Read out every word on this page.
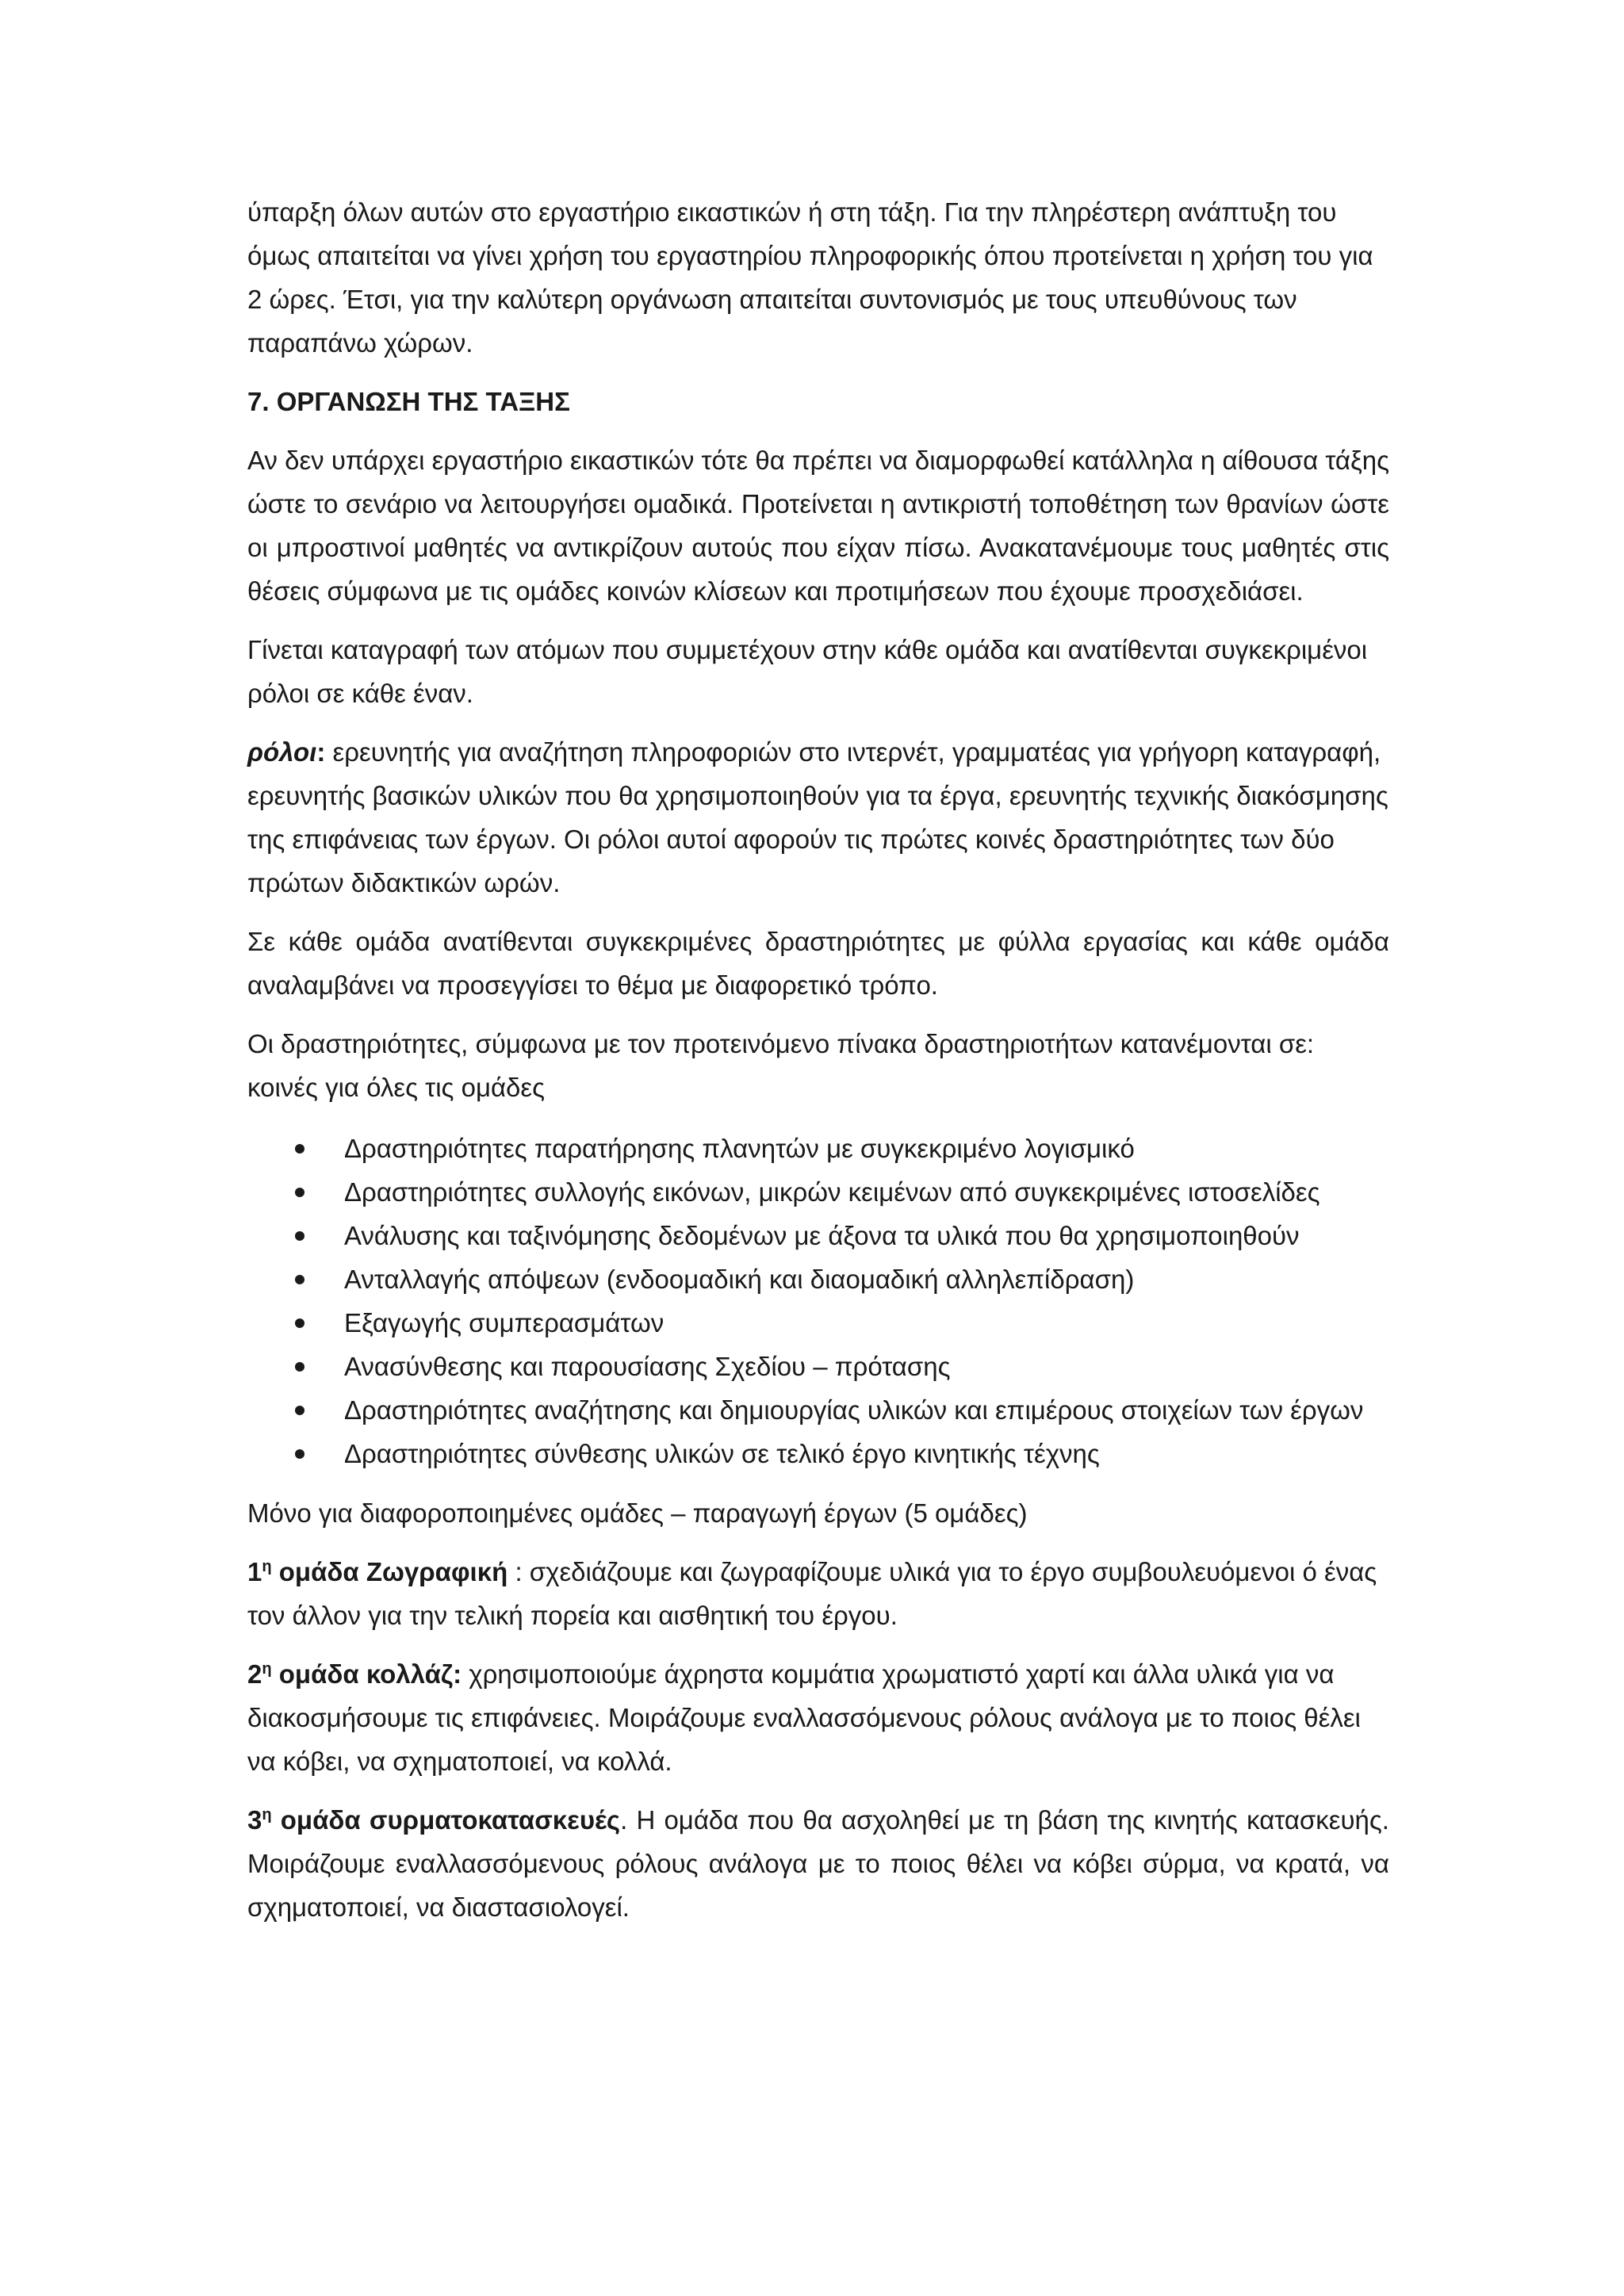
ύπαρξη όλων αυτών στο εργαστήριο εικαστικών ή στη τάξη. Για την πληρέστερη ανάπτυξη του όμως απαιτείται να γίνει χρήση του εργαστηρίου πληροφορικής όπου προτείνεται η χρήση του για 2 ώρες. Έτσι, για την καλύτερη οργάνωση απαιτείται συντονισμός με τους υπευθύνους των παραπάνω χώρων.

7. ΟΡΓΑΝΩΣΗ ΤΗΣ ΤΑΞΗΣ

Αν δεν υπάρχει εργαστήριο εικαστικών τότε θα πρέπει να διαμορφωθεί κατάλληλα η αίθουσα τάξης ώστε το σενάριο να λειτουργήσει ομαδικά. Προτείνεται η αντικριστή τοποθέτηση των θρανίων ώστε οι μπροστινοί μαθητές να αντικρίζουν αυτούς που είχαν πίσω. Ανακατανέμουμε τους μαθητές στις θέσεις σύμφωνα με τις ομάδες κοινών κλίσεων και προτιμήσεων που έχουμε προσχεδιάσει.

Γίνεται καταγραφή των ατόμων που συμμετέχουν στην κάθε ομάδα και ανατίθενται συγκεκριμένοι ρόλοι σε κάθε έναν.

ρόλοι: ερευνητής για αναζήτηση πληροφοριών στο ιντερνέτ, γραμματέας για γρήγορη καταγραφή, ερευνητής βασικών υλικών που θα χρησιμοποιηθούν για τα έργα, ερευνητής τεχνικής διακόσμησης της επιφάνειας των έργων. Οι ρόλοι αυτοί αφορούν τις πρώτες κοινές δραστηριότητες των δύο πρώτων διδακτικών ωρών.

Σε κάθε ομάδα ανατίθενται συγκεκριμένες δραστηριότητες με φύλλα εργασίας και κάθε ομάδα αναλαμβάνει να προσεγγίσει το θέμα με διαφορετικό τρόπο.

Οι δραστηριότητες, σύμφωνα με τον προτεινόμενο πίνακα δραστηριοτήτων κατανέμονται σε:

κοινές για όλες τις ομάδες

Δραστηριότητες παρατήρησης πλανητών με συγκεκριμένο λογισμικό
Δραστηριότητες συλλογής εικόνων, μικρών κειμένων από συγκεκριμένες ιστοσελίδες
Ανάλυσης και ταξινόμησης δεδομένων με άξονα τα υλικά που θα χρησιμοποιηθούν
Ανταλλαγής απόψεων (ενδοομαδική και διαομαδική αλληλεπίδραση)
Εξαγωγής συμπερασμάτων
Ανασύνθεσης και παρουσίασης Σχεδίου – πρότασης
Δραστηριότητες αναζήτησης και δημιουργίας υλικών και επιμέρους στοιχείων των έργων
Δραστηριότητες σύνθεσης υλικών σε τελικό έργο κινητικής τέχνης

Μόνο για διαφοροποιημένες ομάδες – παραγωγή έργων (5 ομάδες)

$1^\eta$ ομάδα Ζωγραφική : σχεδιάζουμε και ζωγραφίζουμε υλικά για το έργο συμβουλευόμενοι ό ένας τον άλλον για την τελική πορεία και αισθητική του έργου.

$2^\eta$ ομάδα κολλάζ: χρησιμοποιούμε άχρηστα κομμάτια χρωματιστό χαρτί και άλλα υλικά για να διακοσμήσουμε τις επιφάνειες. Μοιράζουμε εναλλασσόμενους ρόλους ανάλογα με το ποιος θέλει να κόβει, να σχηματοποιεί, να κολλά.

$3^\eta$ ομάδα συρματοκατασκευές. Η ομάδα που θα ασχοληθεί με τη βάση της κινητής κατασκευής. Μοιράζουμε εναλλασσόμενους ρόλους ανάλογα με το ποιος θέλει να κόβει σύρμα, να κρατά, να σχηματοποιεί, να διαστασιολογεί.
